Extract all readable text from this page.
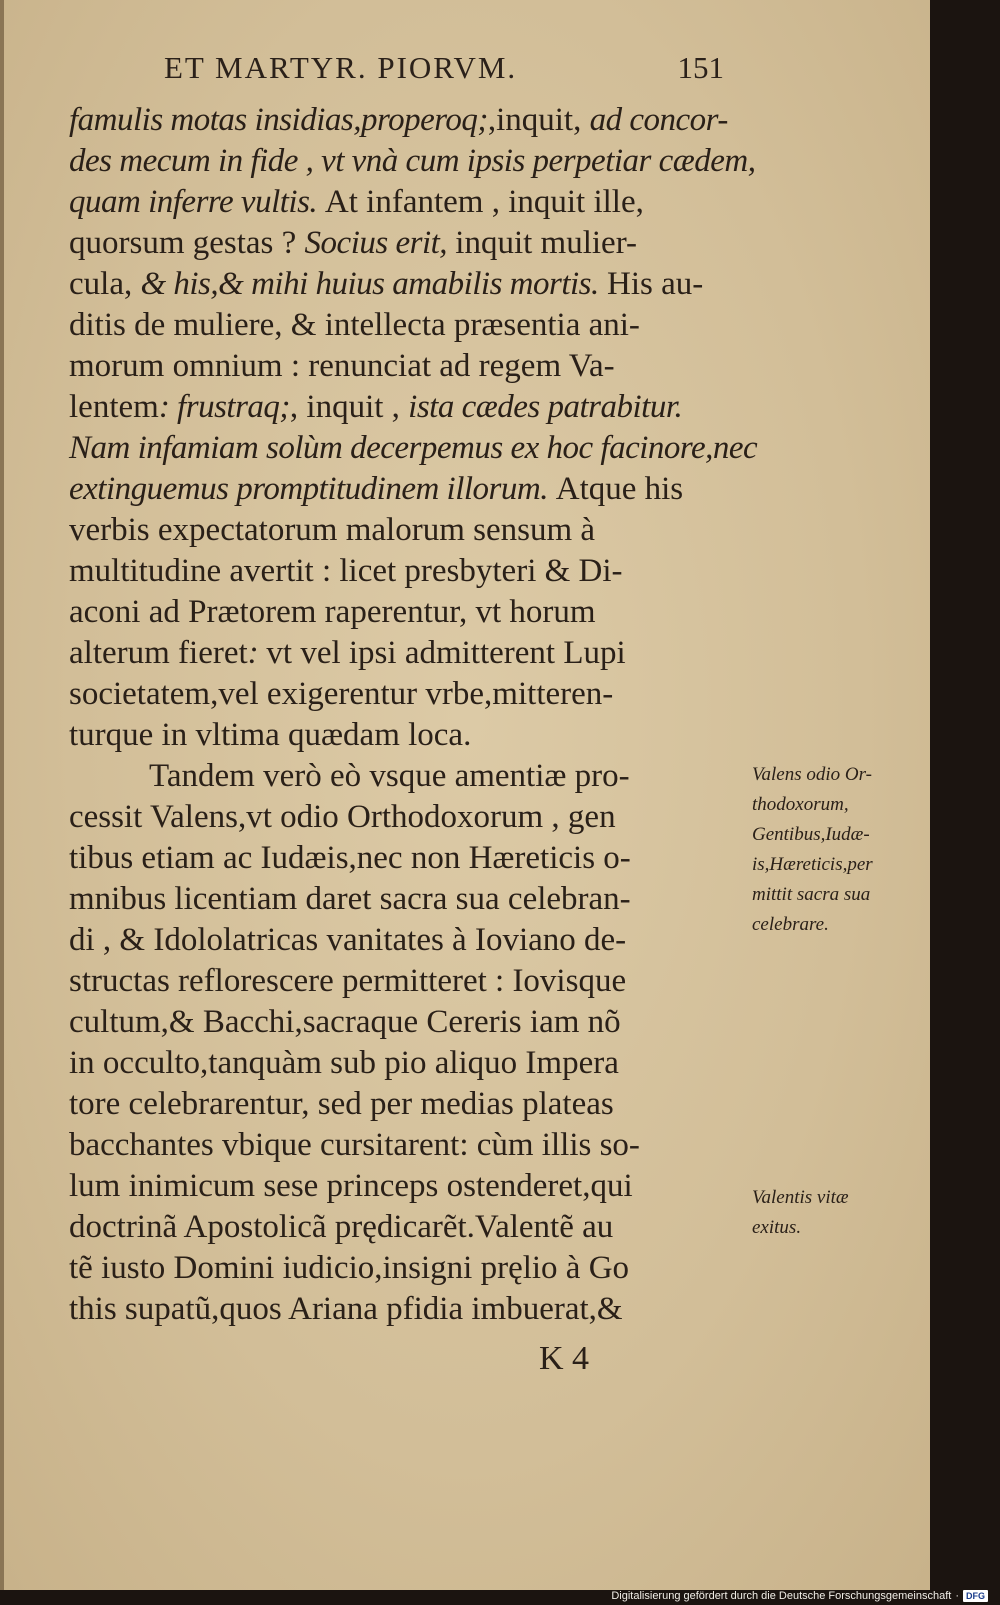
ET MARTYR. PIORVM.	151
famulis motas insidias,properoq;,inquit, ad concor-
des mecum in fide , vt vnà cum ipsis perpetiar cædem,
quam inferre vultis. At infantem , inquit ille,
quorsum gestas ? Socius erit, inquit mulier-
cula, & his,& mihi huius amabilis mortis. His au-
ditis de muliere, & intellecta præsentia ani-
morum omnium : renunciat ad regem Va-
lentem: frustraq;, inquit , ista cædes patrabitur.
Nam infamiam solùm decerpemus ex hoc facinore,nec
extinguemus promptitudinem illorum. Atque his
verbis expectatorum malorum sensum à
multitudine avertit : licet presbyteri & Di-
aconi ad Prætorem raperentur, vt horum
alterum fieret: vt vel ipsi admitterent Lupi
societatem,vel exigerentur vrbe,mitteren-
turque in vltima quædam loca.
Tandem verò eò vsque amentiæ pro-
cessit Valens,vt odio Orthodoxorum , gen
tibus etiam ac Iudæis,nec non Hæreticis o-
mnibus licentiam daret sacra sua celebran-
di , & Idololatricas vanitates à Ioviano de-
structas reflorescere permitteret : Iovisque
cultum,& Bacchi,sacraque Cereris iam nõ
in occulto,tanquàm sub pio aliquo Impera
tore celebrarentur, sed per medias plateas
bacchantes vbique cursitarent: cùm illis so-
lum inimicum sese princeps ostenderet,qui
doctrinã Apostolicã prędicarẽt.Valentẽ au
tẽ iusto Domini iudicio,insigni pręlio à Go
this supatũ,quos Ariana pfidia imbuerat,&
Valens odio Or-
thodoxorum,
Gentibus,Iudæ-
is,Hæreticis,per
mittit sacra sua
celebrare.
Valentis vitæ
exitus.
K 4
Digitalisierung gefördert durch die Deutsche Forschungsgemeinschaft · DFG
